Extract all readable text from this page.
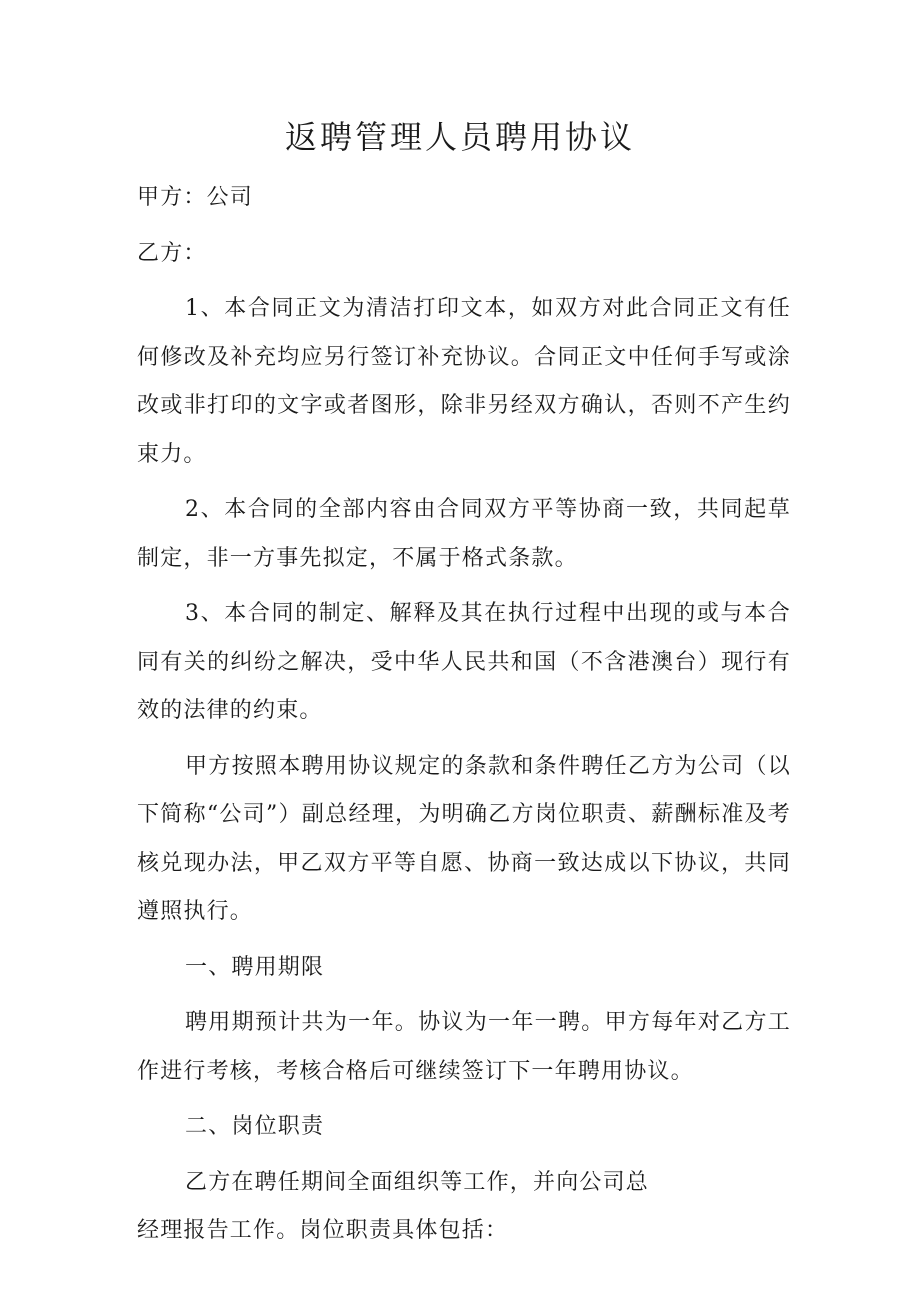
返聘管理人员聘用协议

甲方：公司

乙方：

1、本合同正文为清洁打印文本，如双方对此合同正文有任何修改及补充均应另行签订补充协议。合同正文中任何手写或涂改或非打印的文字或者图形，除非另经双方确认，否则不产生约束力。

2、本合同的全部内容由合同双方平等协商一致，共同起草制定，非一方事先拟定，不属于格式条款。

3、本合同的制定、解释及其在执行过程中出现的或与本合同有关的纠纷之解决，受中华人民共和国（不含港澳台）现行有效的法律的约束。

甲方按照本聘用协议规定的条款和条件聘任乙方为公司（以下简称“公司”）副总经理，为明确乙方岗位职责、薪酬标准及考核兑现办法，甲乙双方平等自愿、协商一致达成以下协议，共同遵照执行。

一、聘用期限

聘用期预计共为一年。协议为一年一聘。甲方每年对乙方工作进行考核，考核合格后可继续签订下一年聘用协议。

二、岗位职责

乙方在聘任期间全面组织等工作，并向公司总
经理报告工作。岗位职责具体包括：
